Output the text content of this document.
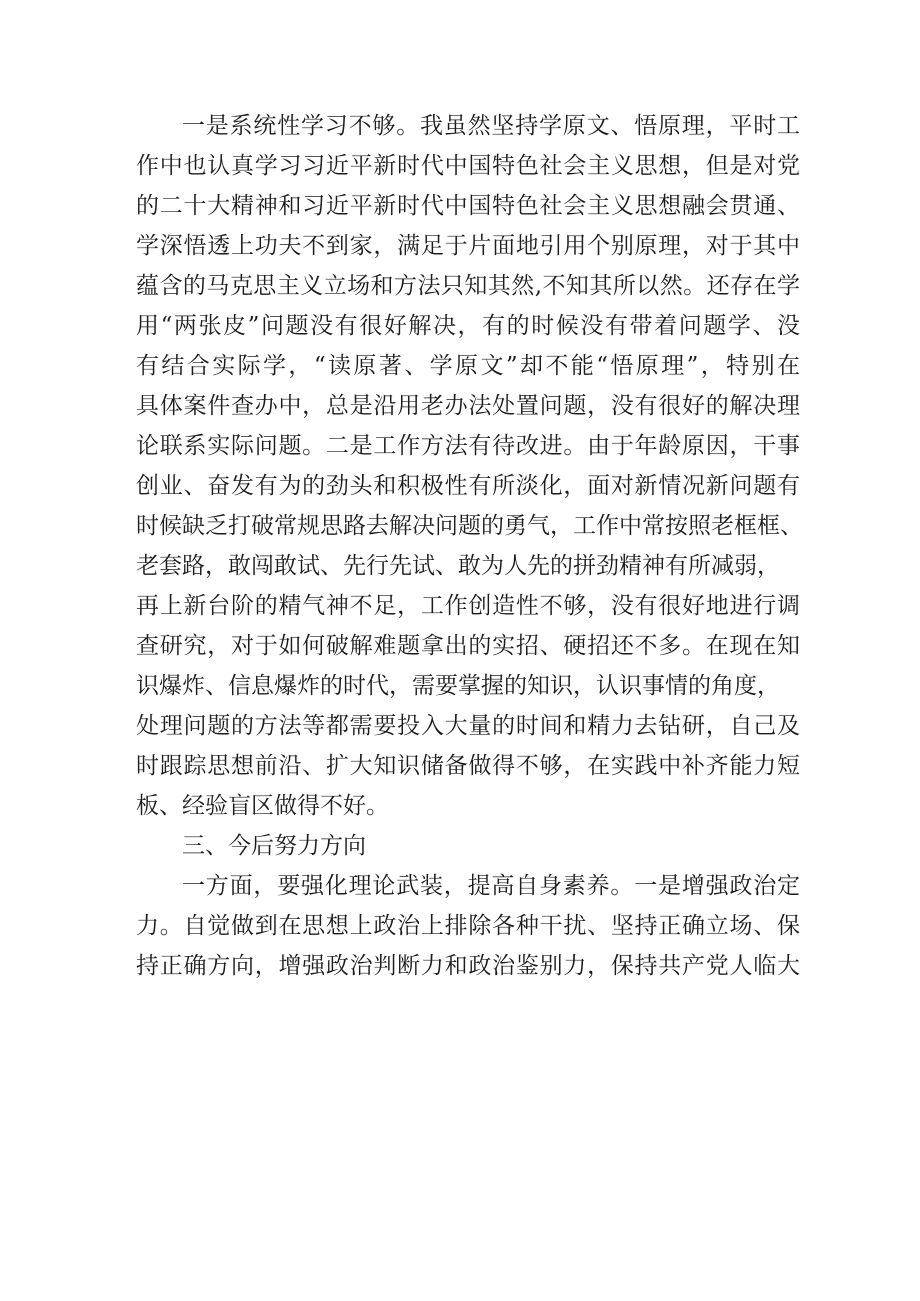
一是系统性学习不够。我虽然坚持学原文、悟原理，平时工
作中也认真学习习近平新时代中国特色社会主义思想，但是对党
的二十大精神和习近平新时代中国特色社会主义思想融会贯通、
学深悟透上功夫不到家，满足于片面地引用个别原理，对于其中
蕴含的马克思主义立场和方法只知其然,不知其所以然。还存在学
用“两张皮”问题没有很好解决，有的时候没有带着问题学、没
有结合实际学，“读原著、学原文”却不能“悟原理”，特别在
具体案件查办中，总是沿用老办法处置问题，没有很好的解决理
论联系实际问题。二是工作方法有待改进。由于年龄原因，干事
创业、奋发有为的劲头和积极性有所淡化，面对新情况新问题有
时候缺乏打破常规思路去解决问题的勇气，工作中常按照老框框、
老套路，敢闯敢试、先行先试、敢为人先的拼劲精神有所减弱，
再上新台阶的精气神不足，工作创造性不够，没有很好地进行调
查研究，对于如何破解难题拿出的实招、硬招还不多。在现在知
识爆炸、信息爆炸的时代，需要掌握的知识，认识事情的角度，
处理问题的方法等都需要投入大量的时间和精力去钻研，自己及
时跟踪思想前沿、扩大知识储备做得不够，在实践中补齐能力短
板、经验盲区做得不好。
三、今后努力方向
一方面，要强化理论武装，提高自身素养。一是增强政治定
力。自觉做到在思想上政治上排除各种干扰、坚持正确立场、保
持正确方向，增强政治判断力和政治鉴别力，保持共产党人临大
